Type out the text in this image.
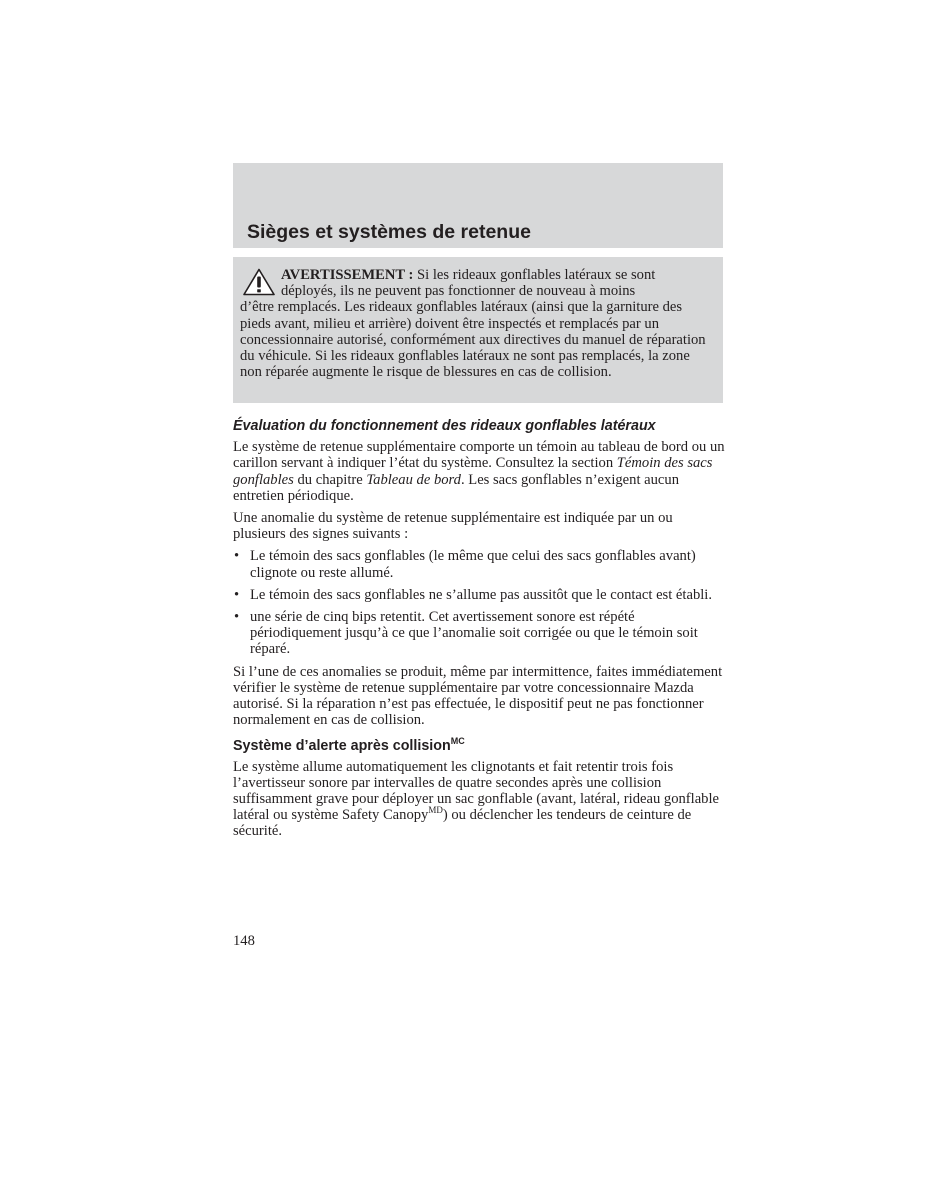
Sièges et systèmes de retenue

AVERTISSEMENT : Si les rideaux gonflables latéraux se sont
déployés, ils ne peuvent pas fonctionner de nouveau à moins
d’être remplacés. Les rideaux gonflables latéraux (ainsi que la garniture des pieds avant, milieu et arrière) doivent être inspectés et remplacés par un concessionnaire autorisé, conformément aux directives du manuel de réparation du véhicule. Si les rideaux gonflables latéraux ne sont pas remplacés, la zone non réparée augmente le risque de blessures en cas de collision.

Évaluation du fonctionnement des rideaux gonflables latéraux

Le système de retenue supplémentaire comporte un témoin au tableau de bord ou un carillon servant à indiquer l’état du système. Consultez la section Témoin des sacs gonflables du chapitre Tableau de bord. Les sacs gonflables n’exigent aucun entretien périodique.

Une anomalie du système de retenue supplémentaire est indiquée par un ou plusieurs des signes suivants :

• Le témoin des sacs gonflables (le même que celui des sacs gonflables avant) clignote ou reste allumé.
• Le témoin des sacs gonflables ne s’allume pas aussitôt que le contact est établi.
• une série de cinq bips retentit. Cet avertissement sonore est répété périodiquement jusqu’à ce que l’anomalie soit corrigée ou que le témoin soit réparé.

Si l’une de ces anomalies se produit, même par intermittence, faites immédiatement vérifier le système de retenue supplémentaire par votre concessionnaire Mazda autorisé. Si la réparation n’est pas effectuée, le dispositif peut ne pas fonctionner normalement en cas de collision.

Système d’alerte après collision$^{MC}$

Le système allume automatiquement les clignotants et fait retentir trois fois l’avertisseur sonore par intervalles de quatre secondes après une collision suffisamment grave pour déployer un sac gonflable (avant, latéral, rideau gonflable latéral ou système Safety Canopy$^{MD}$) ou déclencher les tendeurs de ceinture de sécurité.

148
